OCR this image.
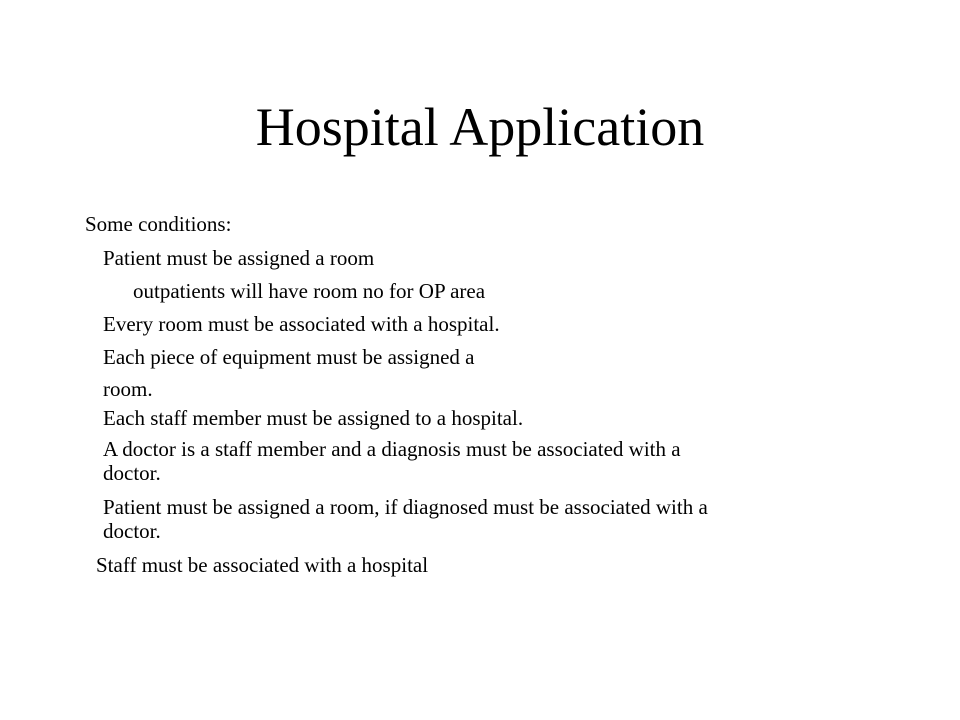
Hospital Application
Some conditions:
Patient must be assigned a room
outpatients will have room no for OP area
Every room must be associated with a hospital.
Each piece of equipment must be assigned a
room.
Each staff member must be assigned to a hospital.
A doctor is a staff member and a diagnosis must be associated with a
doctor.
Patient must be assigned a room, if diagnosed must be associated with a
doctor.
Staff must be associated with a hospital
